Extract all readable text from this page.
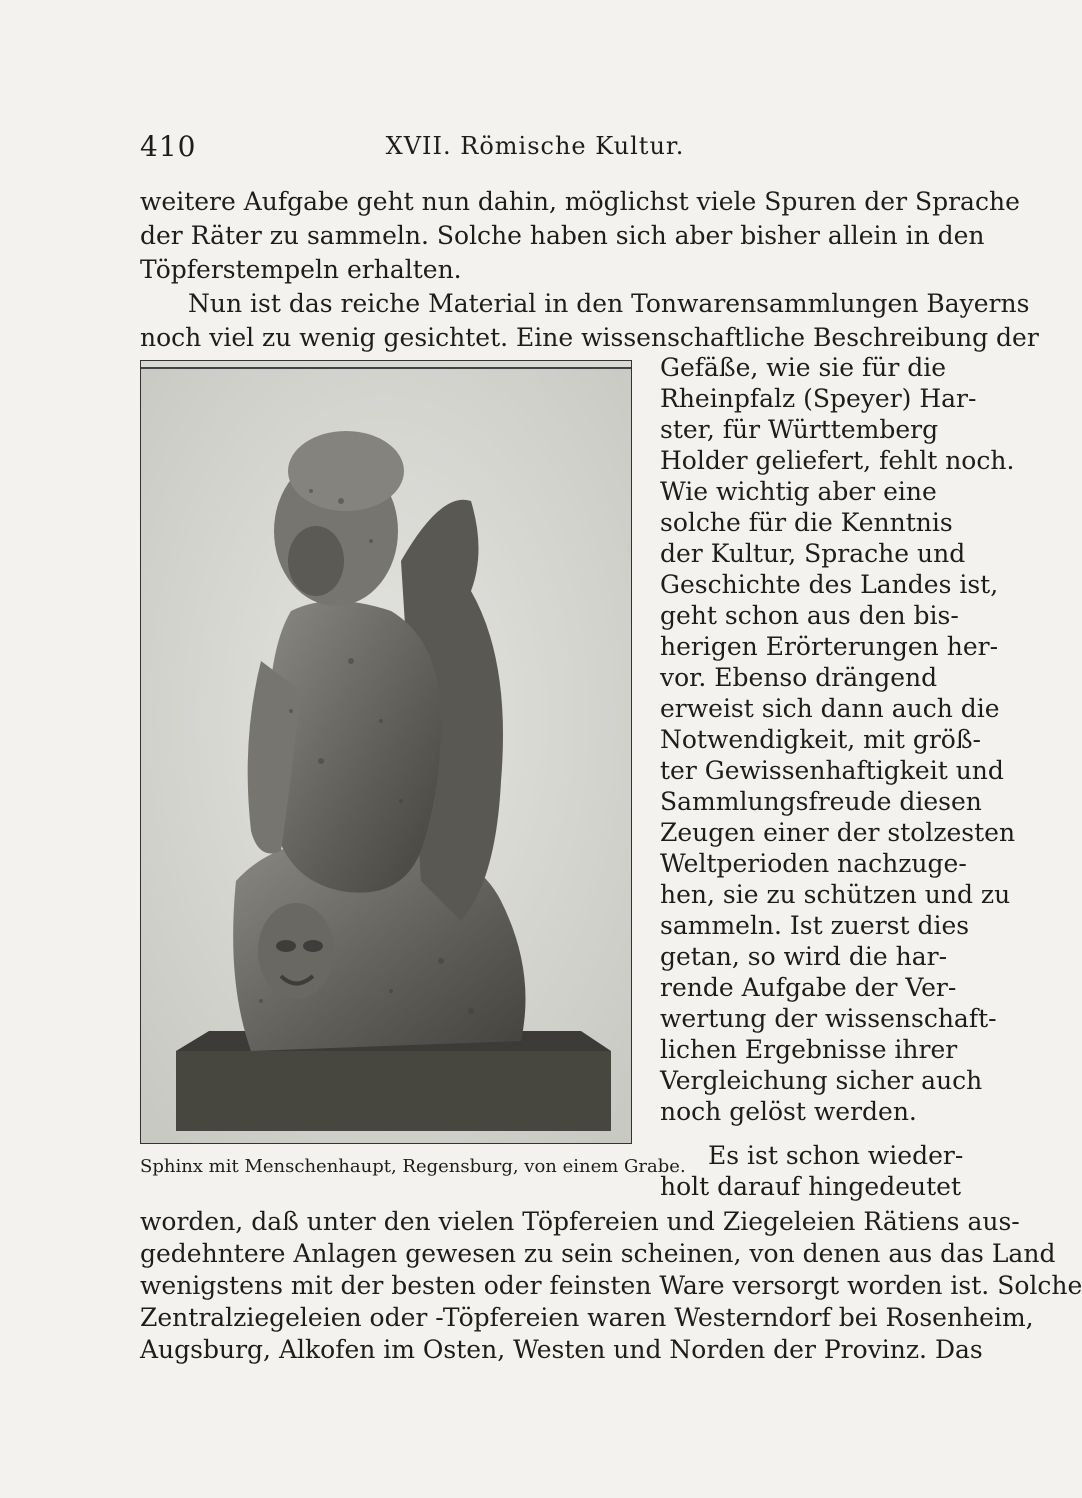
410	XVII. Römische Kultur.
weitere Aufgabe geht nun dahin, möglichst viele Spuren der Sprache
der Räter zu sammeln. Solche haben sich aber bisher allein in den
Töpferstempeln erhalten.
Nun ist das reiche Material in den Tonwarensammlungen Bayerns
noch viel zu wenig gesichtet. Eine wissenschaftliche Beschreibung der
Sphinx mit Menschenhaupt, Regensburg, von einem Grabe.
Gefäße, wie sie für die
Rheinpfalz (Speyer) Har-
ster, für Württemberg
Holder geliefert, fehlt noch.
Wie wichtig aber eine
solche für die Kenntnis
der Kultur, Sprache und
Geschichte des Landes ist,
geht schon aus den bis-
herigen Erörterungen her-
vor. Ebenso drängend
erweist sich dann auch die
Notwendigkeit, mit größ-
ter Gewissenhaftigkeit und
Sammlungsfreude diesen
Zeugen einer der stolzesten
Weltperioden nachzuge-
hen, sie zu schützen und zu
sammeln. Ist zuerst dies
getan, so wird die har-
rende Aufgabe der Ver-
wertung der wissenschaft-
lichen Ergebnisse ihrer
Vergleichung sicher auch
noch gelöst werden.
Es ist schon wieder-
holt darauf hingedeutet
worden, daß unter den vielen Töpfereien und Ziegeleien Rätiens aus-
gedehntere Anlagen gewesen zu sein scheinen, von denen aus das Land
wenigstens mit der besten oder feinsten Ware versorgt worden ist. Solche
Zentralziegeleien oder -Töpfereien waren Westerndorf bei Rosenheim,
Augsburg, Alkofen im Osten, Westen und Norden der Provinz. Das
